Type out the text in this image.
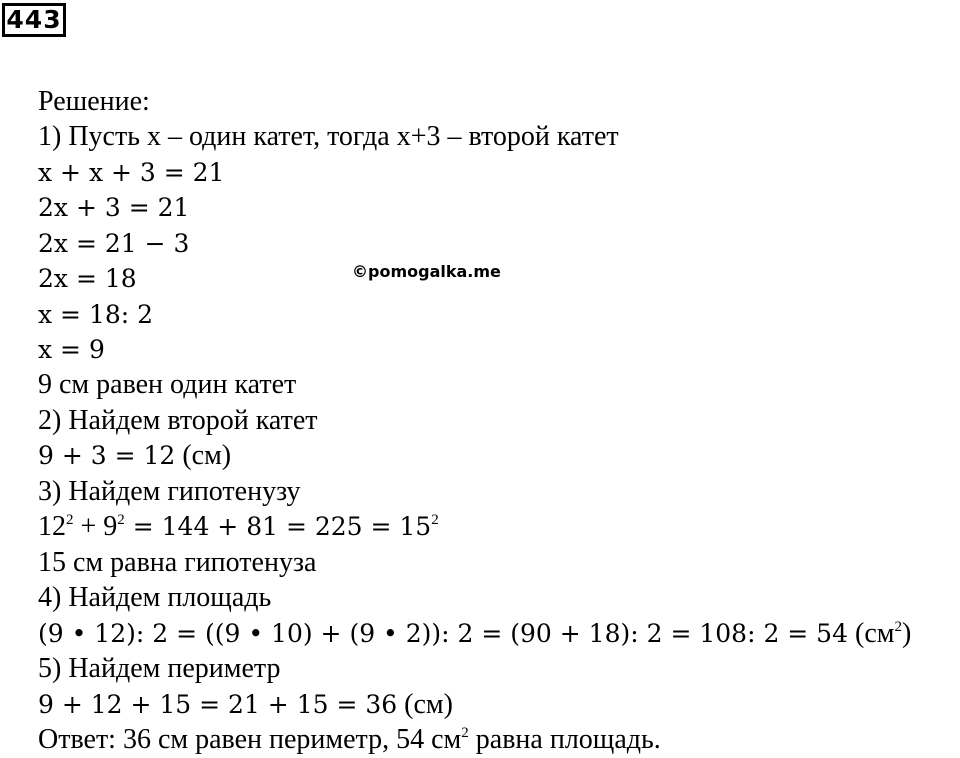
443
©pomogalka.me
Решение:
1) Пусть x – один катет, тогда x+3 – второй катет
x + x + 3 = 21
2x + 3 = 21
2x = 21 − 3
2x = 18
x = 18: 2
x = 9
9 см равен один катет
2) Найдем второй катет
9 + 3 = 12 (см)
3) Найдем гипотенузу
$12^2 + 9^2 = 144 + 81 = 225 = 15^2$
15 см равна гипотенуза
4) Найдем площадь
(9 • 12): 2 = ((9 • 10) + (9 • 2)): 2 = (90 + 18): 2 = 108: 2 = 54 $(см^2)$
5) Найдем периметр
9 + 12 + 15 = 21 + 15 = 36 (см)
Ответ: 36 см равен периметр, 54 $см^2$ равна площадь.
